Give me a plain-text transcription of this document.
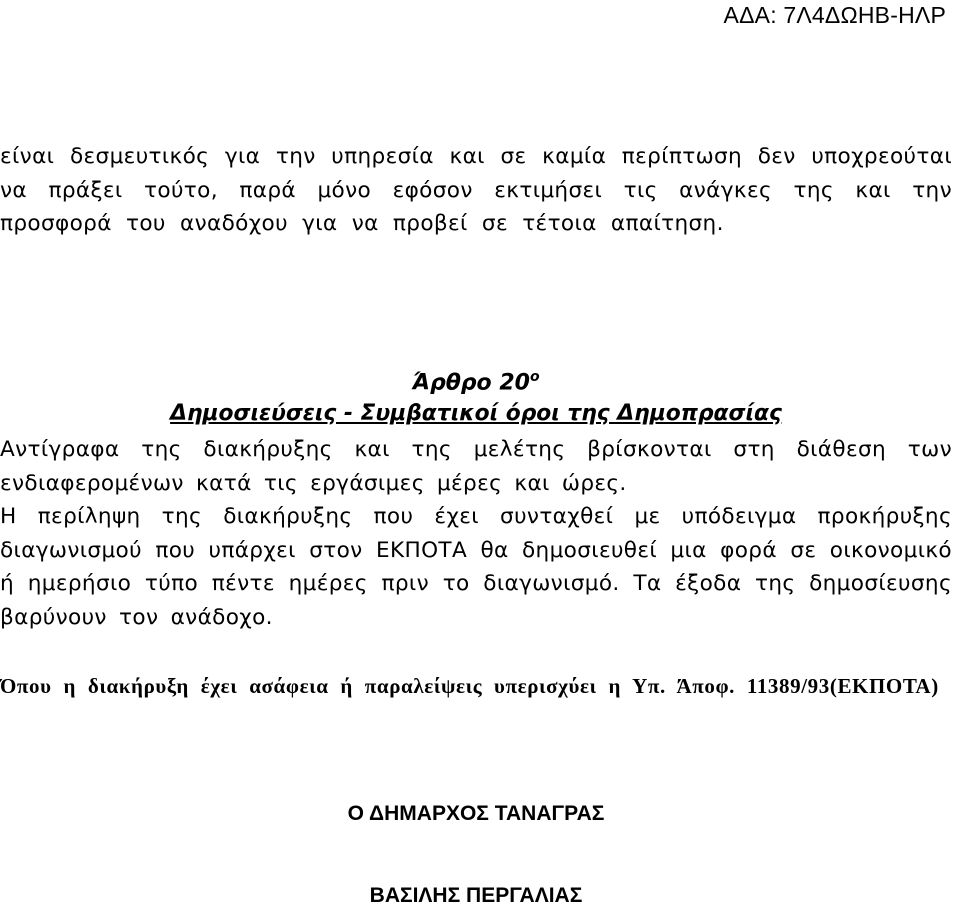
ΑΔΑ: 7Λ4ΔΩΗΒ-ΗΛΡ
είναι δεσμευτικός για την υπηρεσία και σε καμία περίπτωση δεν υποχρεούται να πράξει τούτο, παρά μόνο εφόσον εκτιμήσει τις ανάγκες της και την προσφορά του αναδόχου για να προβεί σε τέτοια απαίτηση.
Άρθρο $20^o$
Δημοσιεύσεις - Συμβατικοί όροι της Δημοπρασίας
Αντίγραφα της διακήρυξης και της μελέτης βρίσκονται στη διάθεση των ενδιαφερομένων κατά τις εργάσιμες μέρες και ώρες.
Η περίληψη της διακήρυξης που έχει συνταχθεί με υπόδειγμα προκήρυξης διαγωνισμού που υπάρχει στον ΕΚΠΟΤΑ θα δημοσιευθεί μια φορά σε οικονομικό ή ημερήσιο τύπο πέντε ημέρες πριν το διαγωνισμό. Τα έξοδα της δημοσίευσης βαρύνουν τον ανάδοχο.
Όπου η διακήρυξη έχει ασάφεια ή παραλείψεις υπερισχύει η Υπ. Άποφ. 11389/93(ΕΚΠΟΤΑ)
Ο ΔΗΜΑΡΧΟΣ ΤΑΝΑΓΡΑΣ
ΒΑΣΙΛΗΣ ΠΕΡΓΑΛΙΑΣ
